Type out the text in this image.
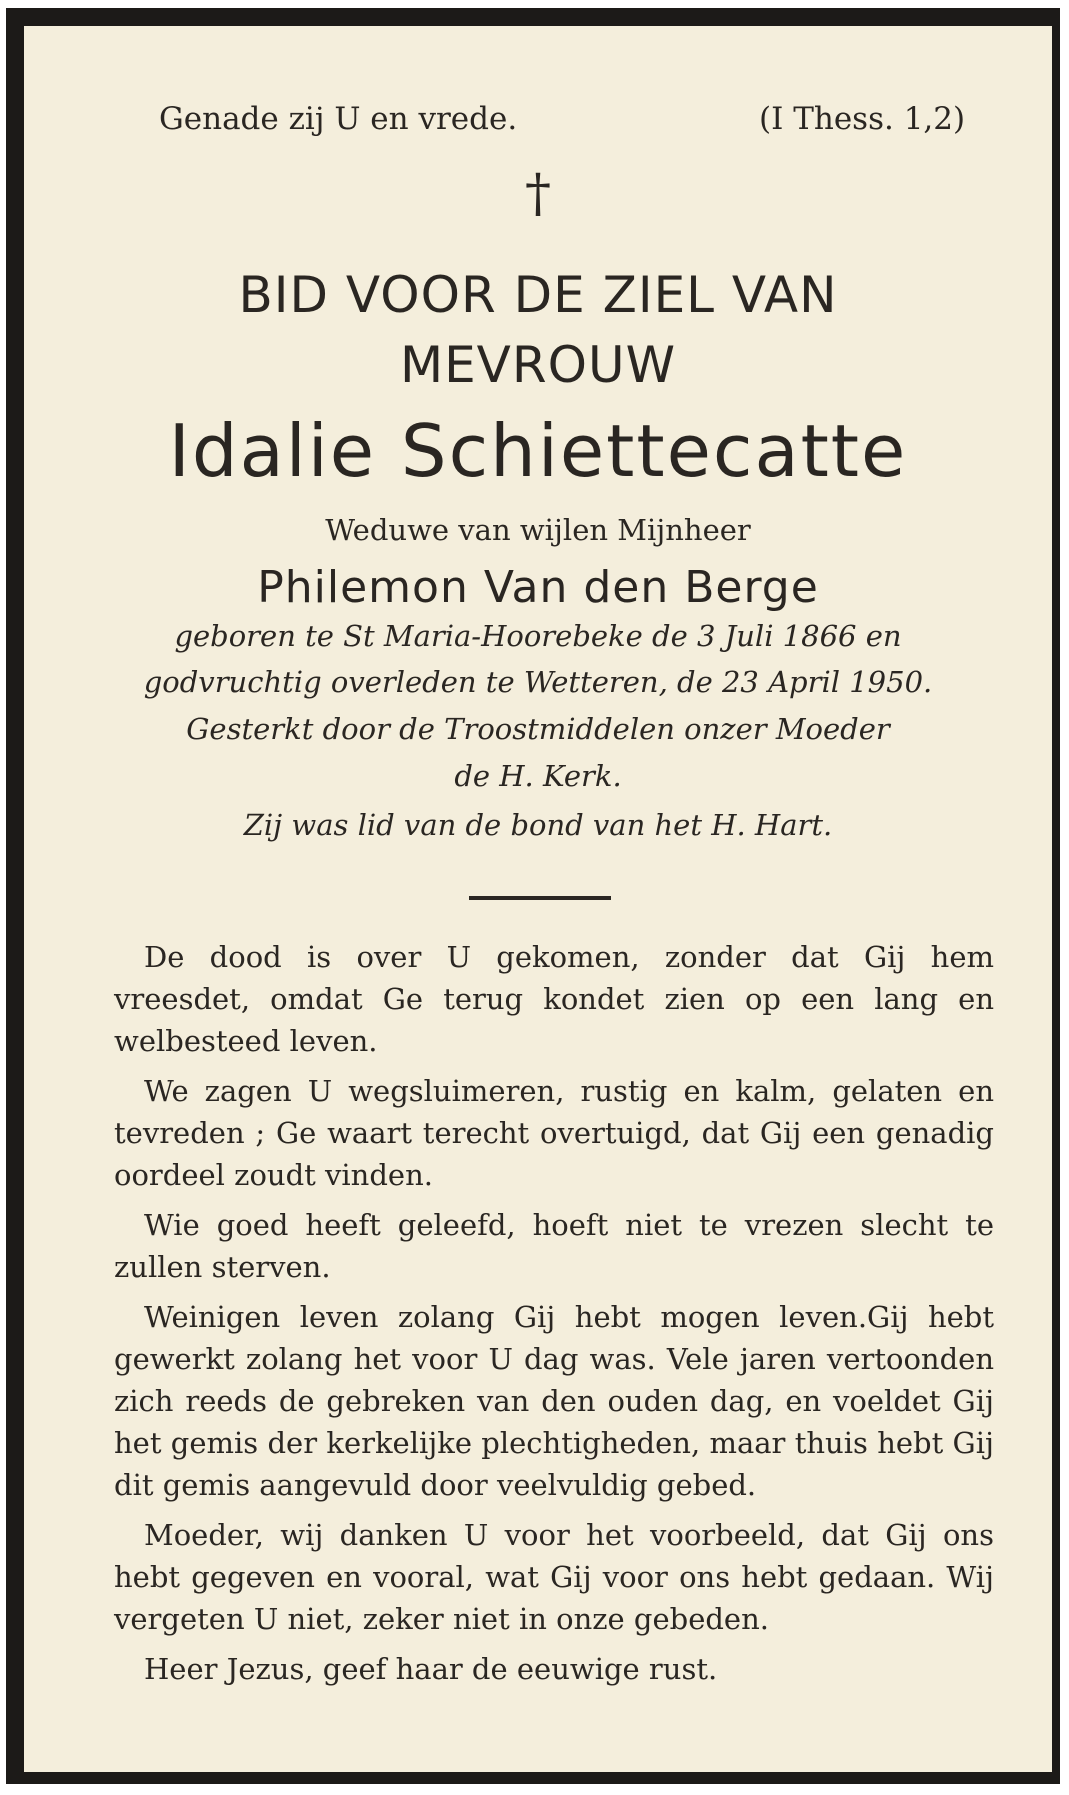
Genade zij U en vrede.	(I Thess. 1,2)
†
BID VOOR DE ZIEL VAN
MEVROUW
Idalie Schiettecatte
Weduwe van wijlen Mijnheer
Philemon Van den Berge
geboren te St Maria-Hoorebeke de 3 Juli 1866 en
godvruchtig overleden te Wetteren, de 23 April 1950.
Gesterkt door de Troostmiddelen onzer Moeder
de H. Kerk.
Zij was lid van de bond van het H. Hart.

De dood is over U gekomen, zonder dat Gij hem vreesdet, omdat Ge terug kondet zien op een lang en welbesteed leven.

We zagen U wegsluimeren, rustig en kalm, gelaten en tevreden ; Ge waart terecht overtuigd, dat Gij een genadig oordeel zoudt vinden.

Wie goed heeft geleefd, hoeft niet te vrezen slecht te zullen sterven.

Weinigen leven zolang Gij hebt mogen leven.Gij hebt gewerkt zolang het voor U dag was. Vele jaren vertoonden zich reeds de gebreken van den ouden dag, en voeldet Gij het gemis der kerkelijke plechtigheden, maar thuis hebt Gij dit gemis aangevuld door veelvuldig gebed.

Moeder, wij danken U voor het voorbeeld, dat Gij ons hebt gegeven en vooral, wat Gij voor ons hebt gedaan. Wij vergeten U niet, zeker niet in onze gebeden.

Heer Jezus, geef haar de eeuwige rust.
